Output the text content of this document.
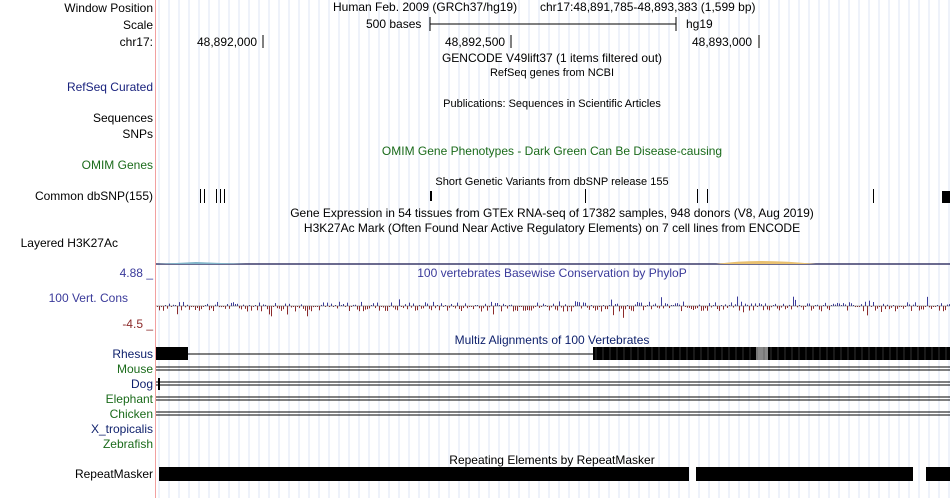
Window Position
Scale
chr17:
RefSeq Curated
Sequences
SNPs
OMIM Genes
Common dbSNP(155)
Layered H3K27Ac
4.88 _
100 Vert. Cons
-4.5 _
Rhesus
Mouse
Dog
Elephant
Chicken
X_tropicalis
Zebrafish
RepeatMasker
Human Feb. 2009 (GRCh37/hg19) chr17:48,891,785-48,893,383 (1,599 bp)
500 bases	hg19
48,892,000	48,892,500	48,893,000
GENCODE V49lift37 (1 items filtered out)
RefSeq genes from NCBI
Publications: Sequences in Scientific Articles
OMIM Gene Phenotypes - Dark Green Can Be Disease-causing
Short Genetic Variants from dbSNP release 155
Gene Expression in 54 tissues from GTEx RNA-seq of 17382 samples, 948 donors (V8, Aug 2019)
H3K27Ac Mark (Often Found Near Active Regulatory Elements) on 7 cell lines from ENCODE
100 vertebrates Basewise Conservation by PhyloP
Multiz Alignments of 100 Vertebrates
Repeating Elements by RepeatMasker
